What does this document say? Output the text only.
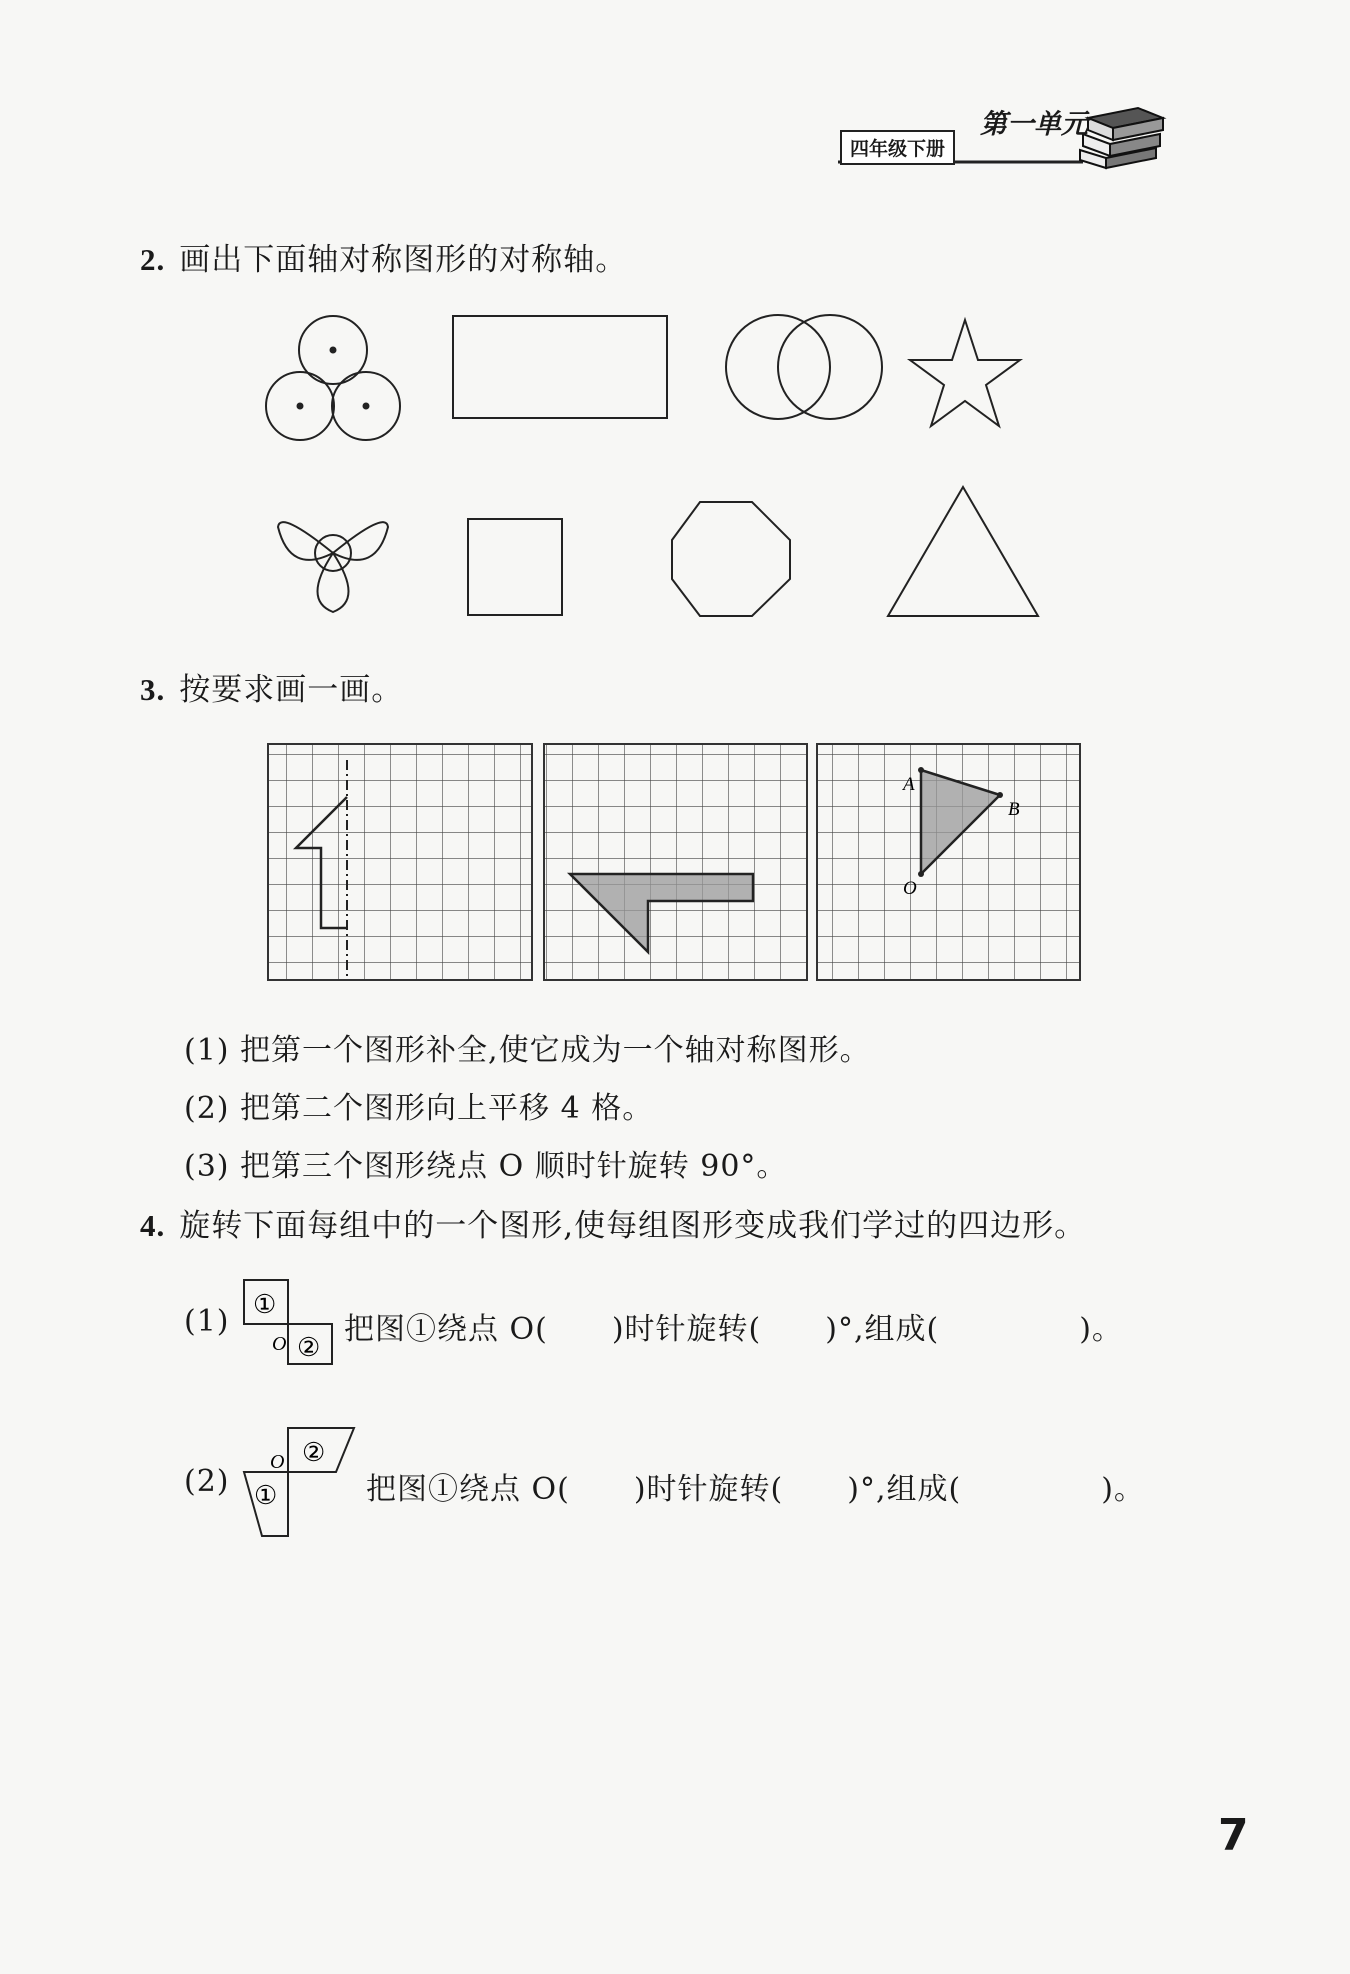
四年级下册
第一单元
2. 画出下面轴对称图形的对称轴。
3. 按要求画一画。
A
B
O
(1) 把第一个图形补全,使它成为一个轴对称图形。
(2) 把第二个图形向上平移 4 格。
(3) 把第三个图形绕点 O 顺时针旋转 90°。
4. 旋转下面每组中的一个图形,使每组图形变成我们学过的四边形。
(1) ①
②
O 把图①绕点 O( )时针旋转( )°,组成(	)。
(2)
②
①
O
把图①绕点 O( )时针旋转( )°,组成(	)。
7
